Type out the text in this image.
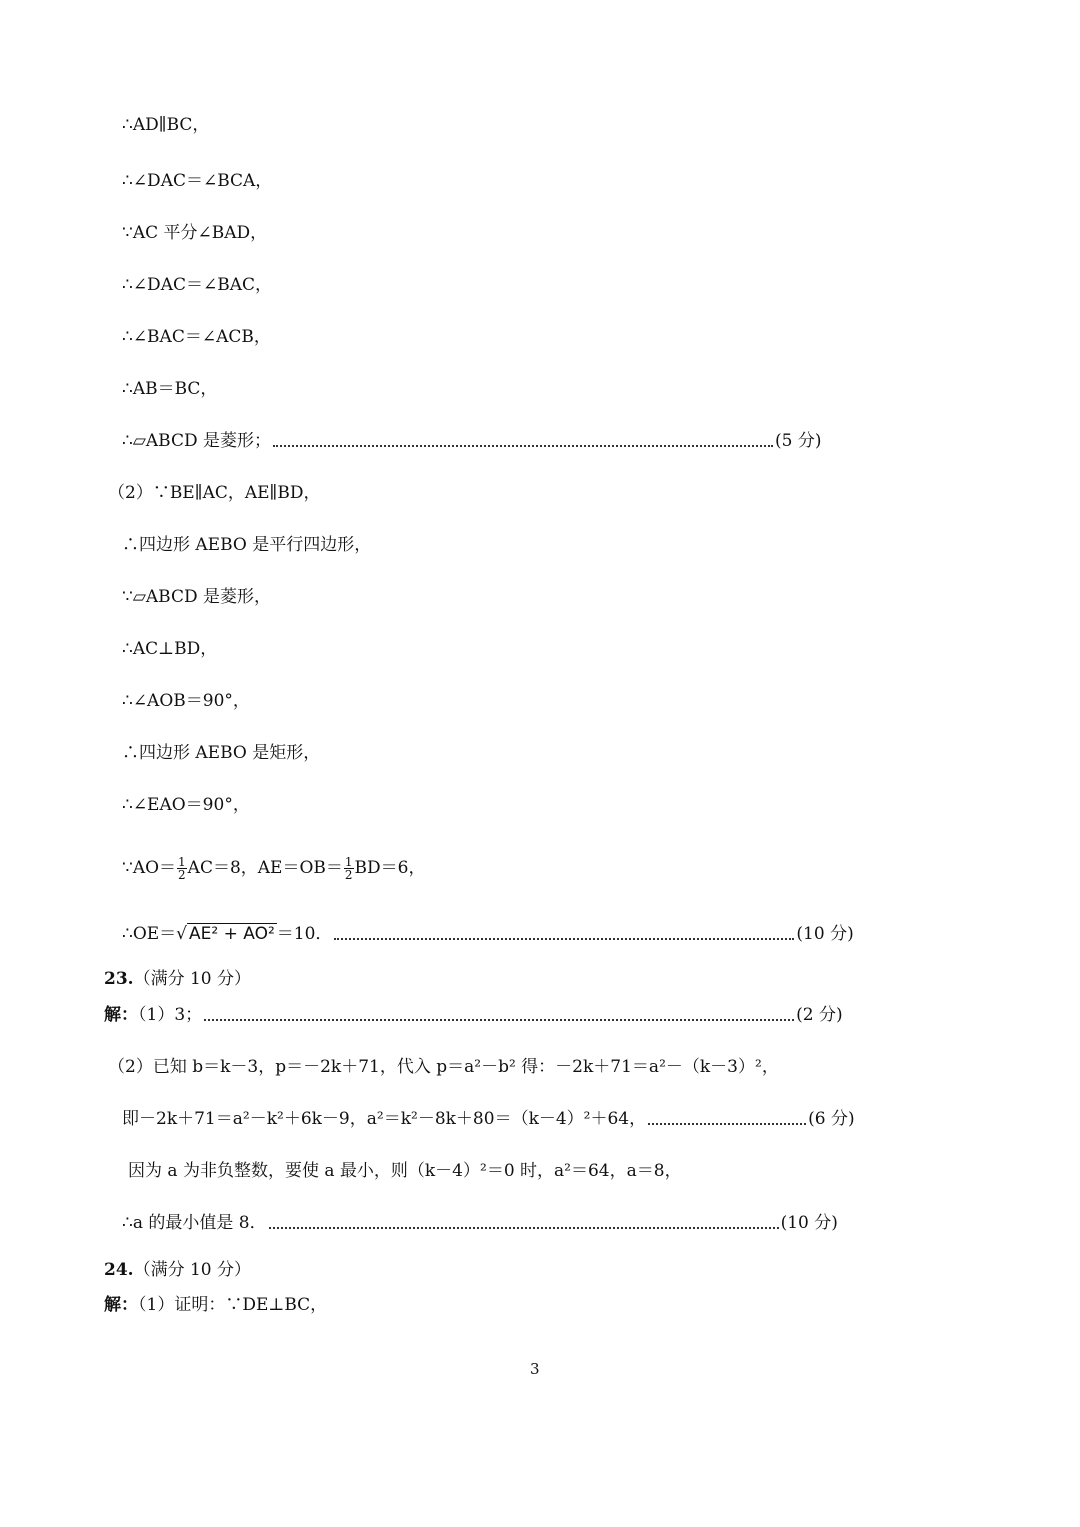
∴AD∥BC，
∴∠DAC＝∠BCA，
∵AC 平分∠BAD，
∴∠DAC＝∠BAC，
∴∠BAC＝∠ACB，
∴AB＝BC，
∴▱ABCD 是菱形；	(5 分)
（2）∵BE∥AC，AE∥BD，
∴四边形 AEBO 是平行四边形，
∵▱ABCD 是菱形，
∴AC⊥BD，
∴∠AOB＝90°，
∴四边形 AEBO 是矩形，
∴∠EAO＝90°，
∵AO＝ $\frac{1}{2} AC=8$，$AE=OB= \frac{1}{2} BD=6$，
∴OE＝√ AE² + AO² ＝10．	(10 分)
23.（满分 10 分）
解：（1）3；	(2 分)
（2）已知 b＝k－3，p＝－2k＋71，代入 p＝a²－b² 得：－2k＋71＝a²－（k－3）²，
即－2k＋71＝a²－k²＋6k－9，a²＝k²－8k＋80＝（k－4）²＋64，	(6 分)
因为 a 为非负整数，要使 a 最小，则（k－4）²＝0 时，a²＝64，a＝8，
∴a 的最小值是 8．	(10 分)
24.（满分 10 分）
解：（1）证明：∵DE⊥BC，
3
